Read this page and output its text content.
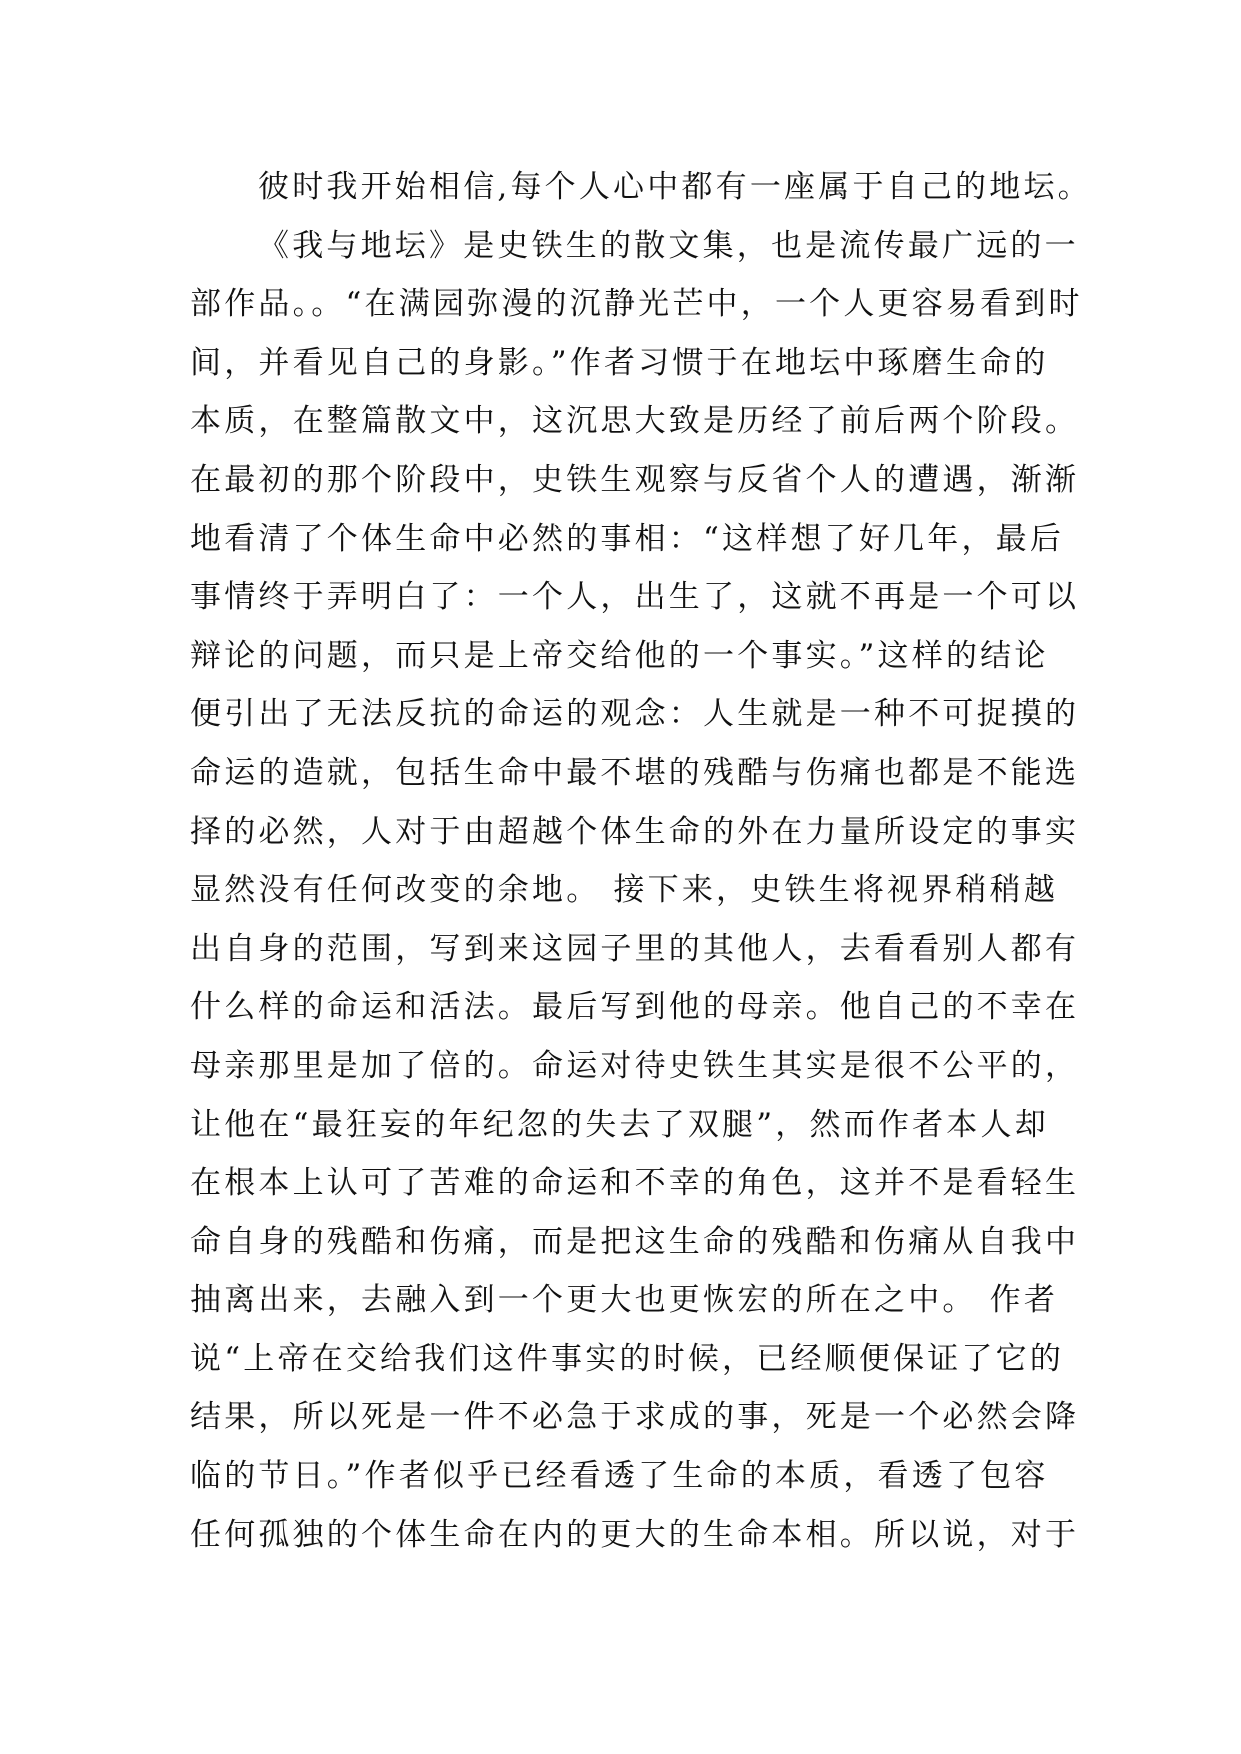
彼时我开始相信,每个人心中都有一座属于自己的地坛。
《我与地坛》是史铁生的散文集，也是流传最广远的一
部作品。。“在满园弥漫的沉静光芒中，一个人更容易看到时
间，并看见自己的身影。”作者习惯于在地坛中琢磨生命的
本质，在整篇散文中，这沉思大致是历经了前后两个阶段。
在最初的那个阶段中，史铁生观察与反省个人的遭遇，渐渐
地看清了个体生命中必然的事相：“这样想了好几年，最后
事情终于弄明白了：一个人，出生了，这就不再是一个可以
辩论的问题，而只是上帝交给他的一个事实。”这样的结论
便引出了无法反抗的命运的观念：人生就是一种不可捉摸的
命运的造就，包括生命中最不堪的残酷与伤痛也都是不能选
择的必然，人对于由超越个体生命的外在力量所设定的事实
显然没有任何改变的余地。 接下来，史铁生将视界稍稍越
出自身的范围，写到来这园子里的其他人，去看看别人都有
什么样的命运和活法。最后写到他的母亲。他自己的不幸在
母亲那里是加了倍的。命运对待史铁生其实是很不公平的，
让他在“最狂妄的年纪忽的失去了双腿”，然而作者本人却
在根本上认可了苦难的命运和不幸的角色，这并不是看轻生
命自身的残酷和伤痛，而是把这生命的残酷和伤痛从自我中
抽离出来，去融入到一个更大也更恢宏的所在之中。 作者
说“上帝在交给我们这件事实的时候，已经顺便保证了它的
结果，所以死是一件不必急于求成的事，死是一个必然会降
临的节日。”作者似乎已经看透了生命的本质，看透了包容
任何孤独的个体生命在内的更大的生命本相。所以说，对于
